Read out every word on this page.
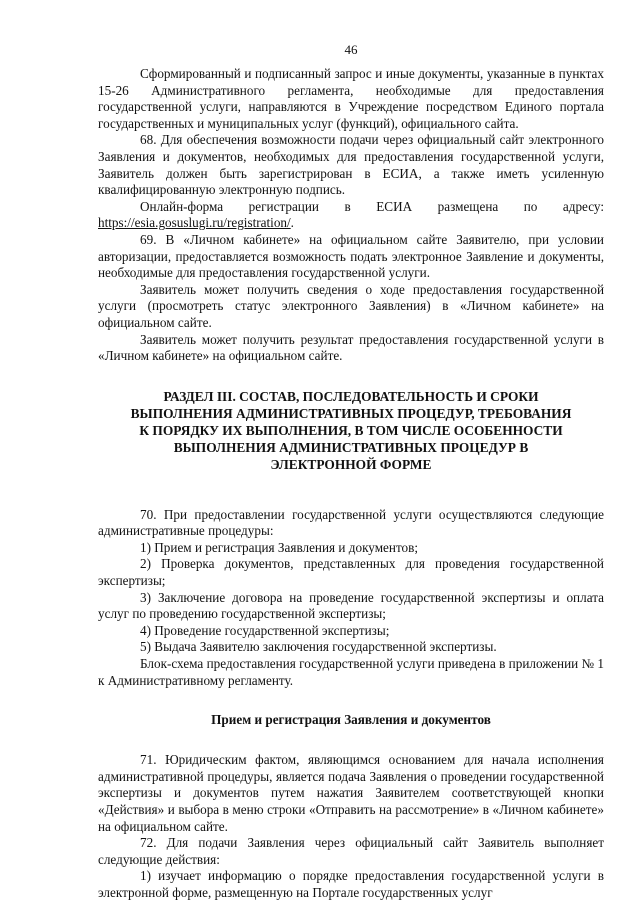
46

Сформированный и подписанный запрос и иные документы, указанные в пунктах 15-26 Административного регламента, необходимые для предоставления государственной услуги, направляются в Учреждение посредством Единого портала государственных и муниципальных услуг (функций), официального сайта.

68. Для обеспечения возможности подачи через официальный сайт электронного Заявления и документов, необходимых для предоставления государственной услуги, Заявитель должен быть зарегистрирован в ЕСИА, а также иметь усиленную квалифицированную электронную подпись.

Онлайн-форма регистрации в ЕСИА размещена по адресу: https://esia.gosuslugi.ru/registration/.

69. В «Личном кабинете» на официальном сайте Заявителю, при условии авторизации, предоставляется возможность подать электронное Заявление и документы, необходимые для предоставления государственной услуги.

Заявитель может получить сведения о ходе предоставления государственной услуги (просмотреть статус электронного Заявления) в «Личном кабинете» на официальном сайте.

Заявитель может получить результат предоставления государственной услуги в «Личном кабинете» на официальном сайте.

РАЗДЕЛ III. СОСТАВ, ПОСЛЕДОВАТЕЛЬНОСТЬ И СРОКИ
ВЫПОЛНЕНИЯ АДМИНИСТРАТИВНЫХ ПРОЦЕДУР, ТРЕБОВАНИЯ
К ПОРЯДКУ ИХ ВЫПОЛНЕНИЯ, В ТОМ ЧИСЛЕ ОСОБЕННОСТИ
ВЫПОЛНЕНИЯ АДМИНИСТРАТИВНЫХ ПРОЦЕДУР В
ЭЛЕКТРОННОЙ ФОРМЕ

70. При предоставлении государственной услуги осуществляются следующие административные процедуры:

1) Прием и регистрация Заявления и документов;

2) Проверка документов, представленных для проведения государственной экспертизы;

3) Заключение договора на проведение государственной экспертизы и оплата услуг по проведению государственной экспертизы;

4) Проведение государственной экспертизы;

5) Выдача Заявителю заключения государственной экспертизы.

Блок-схема предоставления государственной услуги приведена в приложении № 1 к Административному регламенту.

Прием и регистрация Заявления и документов

71. Юридическим фактом, являющимся основанием для начала исполнения административной процедуры, является подача Заявления о проведении государственной экспертизы и документов путем нажатия Заявителем соответствующей кнопки «Действия» и выбора в меню строки «Отправить на рассмотрение» в «Личном кабинете» на официальном сайте.

72. Для подачи Заявления через официальный сайт Заявитель выполняет следующие действия:

1) изучает информацию о порядке предоставления государственной услуги в электронной форме, размещенную на Портале государственных услуг
